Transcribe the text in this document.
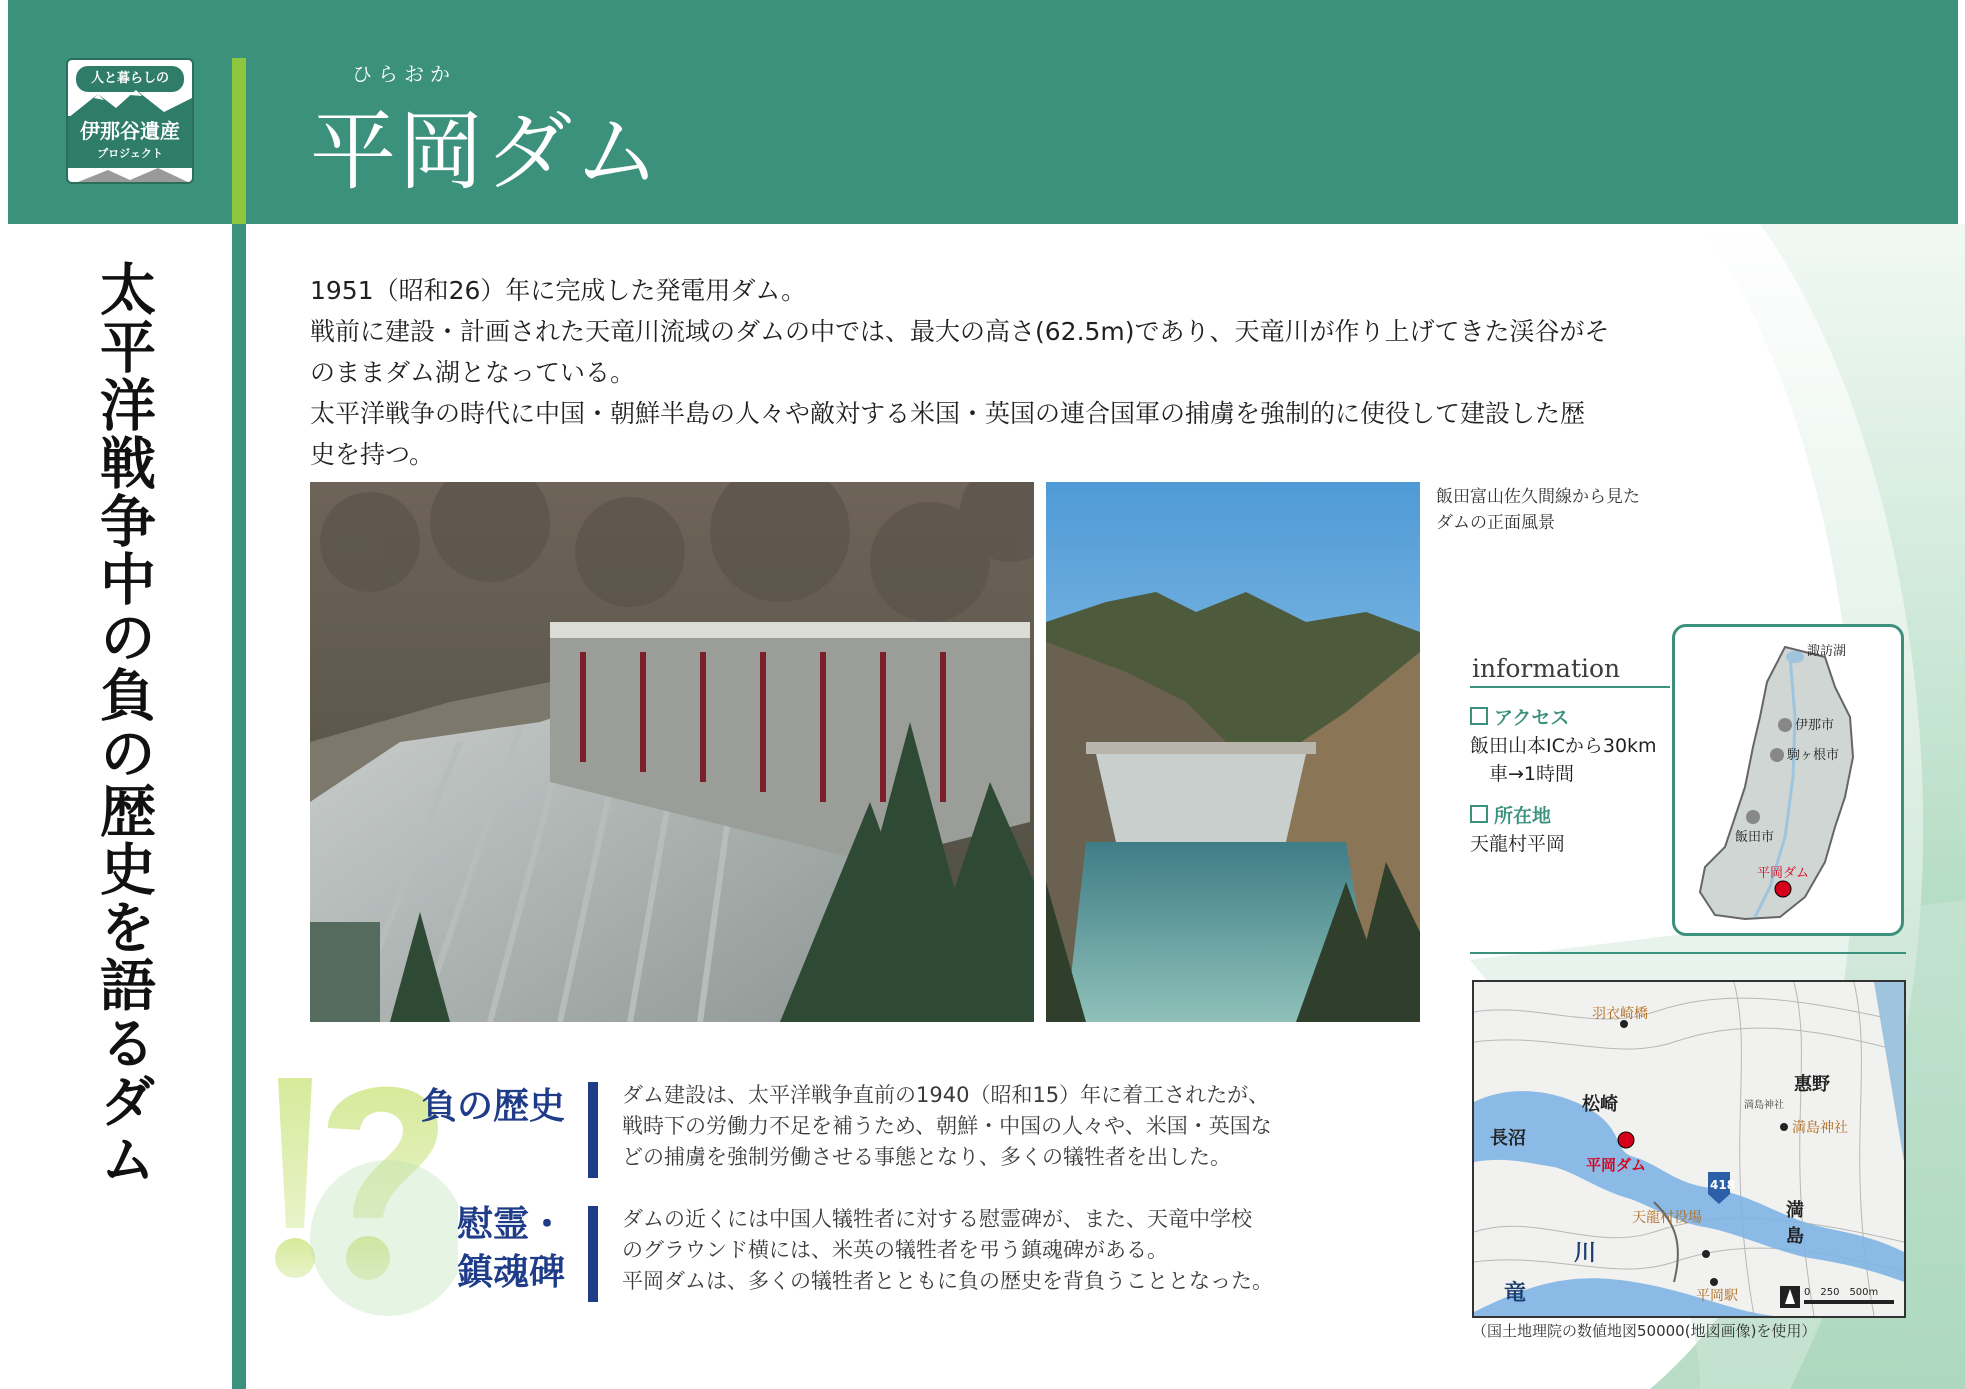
人と暮らしの
伊那谷遺産
プロジェクト
ひらおか
平岡ダム
太平洋戦争中の負の歴史を語るダム	1951（昭和26）年に完成した発電用ダム。

戦前に建設・計画された天竜川流域のダムの中では、最大の高さ(62.5m)であり、天竜川が作り上げてきた渓谷がそ

のままダム湖となっている。

太平洋戦争の時代に中国・朝鮮半島の人々や敵対する米国・英国の連合国軍の捕虜を強制的に使役して建設した歴

史を持つ。

飯田富山佐久間線から見た
ダムの正面風景
information
アクセス
飯田山本ICから30km
　車→1時間
所在地
天龍村平岡
諏訪湖
伊那市
駒ヶ根市
飯田市
平岡ダム
418
羽衣崎橋
松崎
長沼
平岡ダム
天龍村役場
平岡駅
満島神社
満島神社
惠野
満
島
川
竜	0　250　500m
（国土地理院の数値地図50000(地図画像)を使用）
負の歴史	ダム建設は、太平洋戦争直前の1940（昭和15）年に着工されたが、

戦時下の労働力不足を補うため、朝鮮・中国の人々や、米国・英国な

どの捕虜を強制労働させる事態となり、多くの犠牲者を出した。

慰霊・
鎮魂碑

ダムの近くには中国人犠牲者に対する慰霊碑が、また、天竜中学校

のグラウンド横には、米英の犠牲者を弔う鎮魂碑がある。

平岡ダムは、多くの犠牲者とともに負の歴史を背負うこととなった。
